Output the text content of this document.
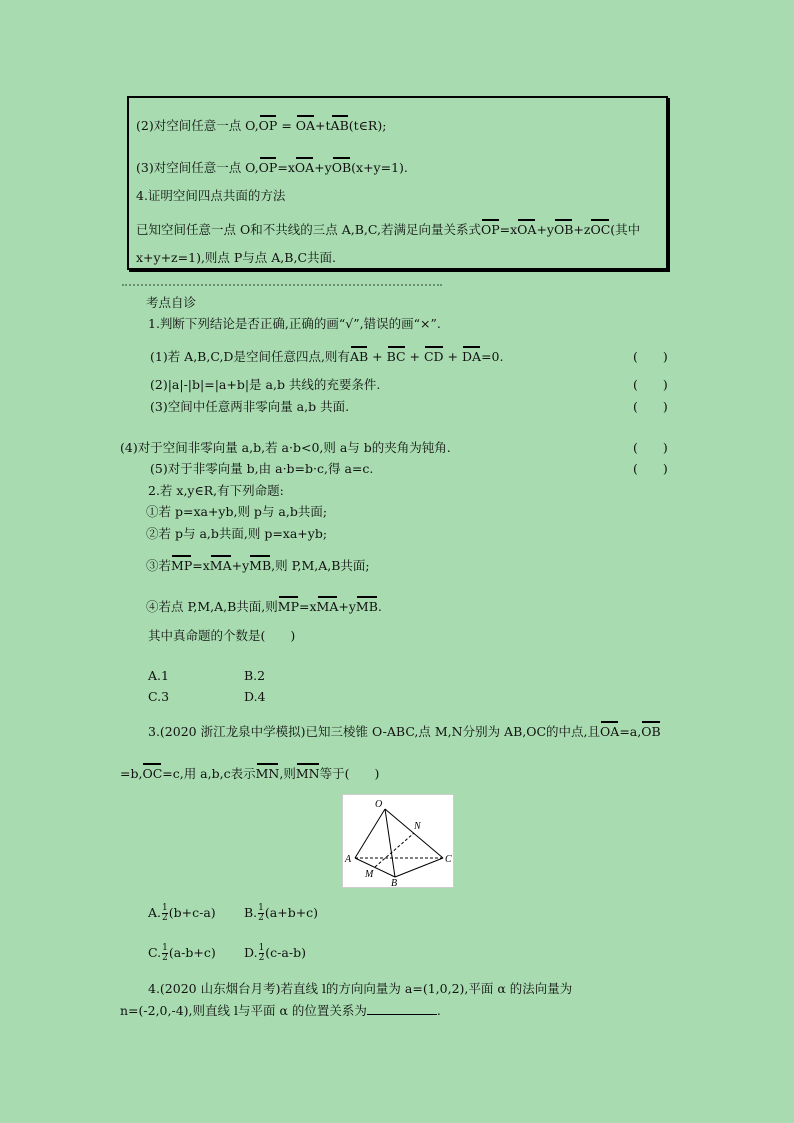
(2)对空间任意一点 O,OP = OA+tAB(t∈R);
(3)对空间任意一点 O,OP=xOA+yOB(x+y=1).
4.证明空间四点共面的方法
已知空间任意一点 O和不共线的三点 A,B,C,若满足向量关系式OP=xOA+yOB+zOC(其中
x+y+z=1),则点 P与点 A,B,C共面.
考点自诊
1.判断下列结论是否正确,正确的画“√”,错误的画“×”.
(1)若 A,B,C,D是空间任意四点,则有AB + BC + CD + DA=0.	(　　)
(2)|a|-|b|=|a+b|是 a,b 共线的充要条件.	(　　)
(3)空间中任意两非零向量 a,b 共面.	(　　)
(4)对于空间非零向量 a,b,若 a·b<0,则 a与 b的夹角为钝角.	(　　)
(5)对于非零向量 b,由 a·b=b·c,得 a=c.	(　　)
2.若 x,y∈R,有下列命题:
①若 p=xa+yb,则 p与 a,b共面;
②若 p与 a,b共面,则 p=xa+yb;
③若MP=xMA+yMB,则 P,M,A,B共面;
④若点 P,M,A,B共面,则MP=xMA+yMB.
其中真命题的个数是(　　)
A.1	B.2
C.3	D.4
3.(2020 浙江龙泉中学模拟)已知三棱锥 O-ABC,点 M,N分别为 AB,OC的中点,且OA=a,OB
=b,OC=c,用 a,b,c表示MN,则MN等于(　　)
O
N
A	C
M
B
A. $\frac{1}{2} (b+c-a)$ B. $\frac{1}{2} (a+b+c)$
C. $\frac{1}{2} (a-b+c)$ D. $\frac{1}{2} (c-a-b)$
4.(2020 山东烟台月考)若直线 l的方向向量为 a=(1,0,2),平面 α 的法向量为
n=(-2,0,-4),则直线 l与平面 α 的位置关系为	.
